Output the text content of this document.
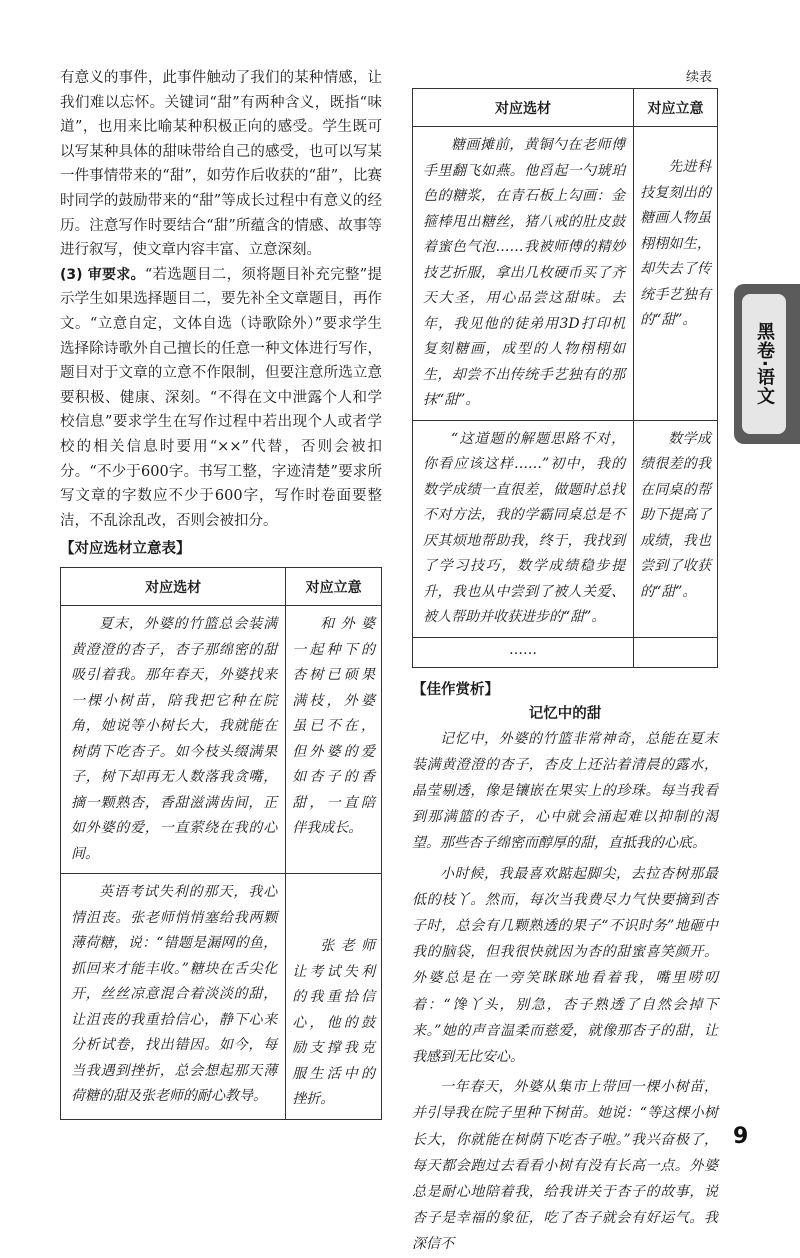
有意义的事件，此事件触动了我们的某种情感，让我们难以忘怀。关键词“甜”有两种含义，既指“味道”，也用来比喻某种积极正向的感受。学生既可以写某种具体的甜味带给自己的感受，也可以写某一件事情带来的“甜”，如劳作后收获的“甜”，比赛时同学的鼓励带来的“甜”等成长过程中有意义的经历。注意写作时要结合“甜”所蕴含的情感、故事等进行叙写，使文章内容丰富、立意深刻。

(3) 审要求。“若选题目二，须将题目补充完整”提示学生如果选择题目二，要先补全文章题目，再作文。“立意自定，文体自选（诗歌除外）”要求学生选择除诗歌外自己擅长的任意一种文体进行写作，题目对于文章的立意不作限制，但要注意所选立意要积极、健康、深刻。“不得在文中泄露个人和学校信息”要求学生在写作过程中若出现个人或者学校的相关信息时要用“××”代替，否则会被扣分。“不少于600字。书写工整，字迹清楚”要求所写文章的字数应不少于600字，写作时卷面要整洁，不乱涂乱改，否则会被扣分。

【对应选材立意表】
对应选材	对应立意
夏末，外婆的竹篮总会装满黄澄澄的杏子，杏子那绵密的甜吸引着我。那年春天，外婆找来一棵小树苗，陪我把它种在院角，她说等小树长大，我就能在树荫下吃杏子。如今枝头缀满果子，树下却再无人数落我贪嘴，摘一颗熟杏，香甜滋满齿间，正如外婆的爱，一直萦绕在我的心间。	和外婆一起种下的杏树已硕果满枝，外婆虽已不在，但外婆的爱如杏子的香甜，一直陪伴我成长。
英语考试失利的那天，我心情沮丧。张老师悄悄塞给我两颗薄荷糖，说：“错题是漏网的鱼，抓回来才能丰收。”糖块在舌尖化开，丝丝凉意混合着淡淡的甜，让沮丧的我重拾信心，静下心来分析试卷，找出错因。如今，每当我遇到挫折，总会想起那天薄荷糖的甜及张老师的耐心教导。	张老师让考试失利的我重拾信心，他的鼓励支撑我克服生活中的挫折。
续表
对应选材	对应立意
糖画摊前，黄铜勺在老师傅手里翻飞如燕。他舀起一勺琥珀色的糖浆，在青石板上勾画：金箍棒甩出糖丝，猪八戒的肚皮鼓着蜜色气泡……我被师傅的精妙技艺折服，拿出几枚硬币买了齐天大圣，用心品尝这甜味。去年，我见他的徒弟用3D打印机复刻糖画，成型的人物栩栩如生，却尝不出传统手艺独有的那抹“甜”。	先进科技复刻出的糖画人物虽栩栩如生，却失去了传统手艺独有的“甜”。
“这道题的解题思路不对，你看应该这样……”初中，我的数学成绩一直很差，做题时总找不对方法，我的学霸同桌总是不厌其烦地帮助我，终于，我找到了学习技巧，数学成绩稳步提升，我也从中尝到了被人关爱、被人帮助并收获进步的“甜”。	数学成绩很差的我在同桌的帮助下提高了成绩，我也尝到了收获的“甜”。
……	
【佳作赏析】
记忆中的甜

记忆中，外婆的竹篮非常神奇，总能在夏末装满黄澄澄的杏子，杏皮上还沾着清晨的露水，晶莹剔透，像是镶嵌在果实上的珍珠。每当我看到那满篮的杏子，心中就会涌起难以抑制的渴望。那些杏子绵密而醇厚的甜，直抵我的心底。

小时候，我最喜欢踮起脚尖，去拉杏树那最低的枝丫。然而，每次当我费尽力气快要摘到杏子时，总会有几颗熟透的果子“不识时务”地砸中我的脑袋，但我很快就因为杏的甜蜜喜笑颜开。外婆总是在一旁笑眯眯地看着我，嘴里唠叨着：“馋丫头，别急，杏子熟透了自然会掉下来。”她的声音温柔而慈爱，就像那杏子的甜，让我感到无比安心。

一年春天，外婆从集市上带回一棵小树苗，并引导我在院子里种下树苗。她说：“等这棵小树长大，你就能在树荫下吃杏子啦。”我兴奋极了，每天都会跑过去看看小树有没有长高一点。外婆总是耐心地陪着我，给我讲关于杏子的故事，说杏子是幸福的象征，吃了杏子就会有好运气。我深信不

黑卷·语文
9
